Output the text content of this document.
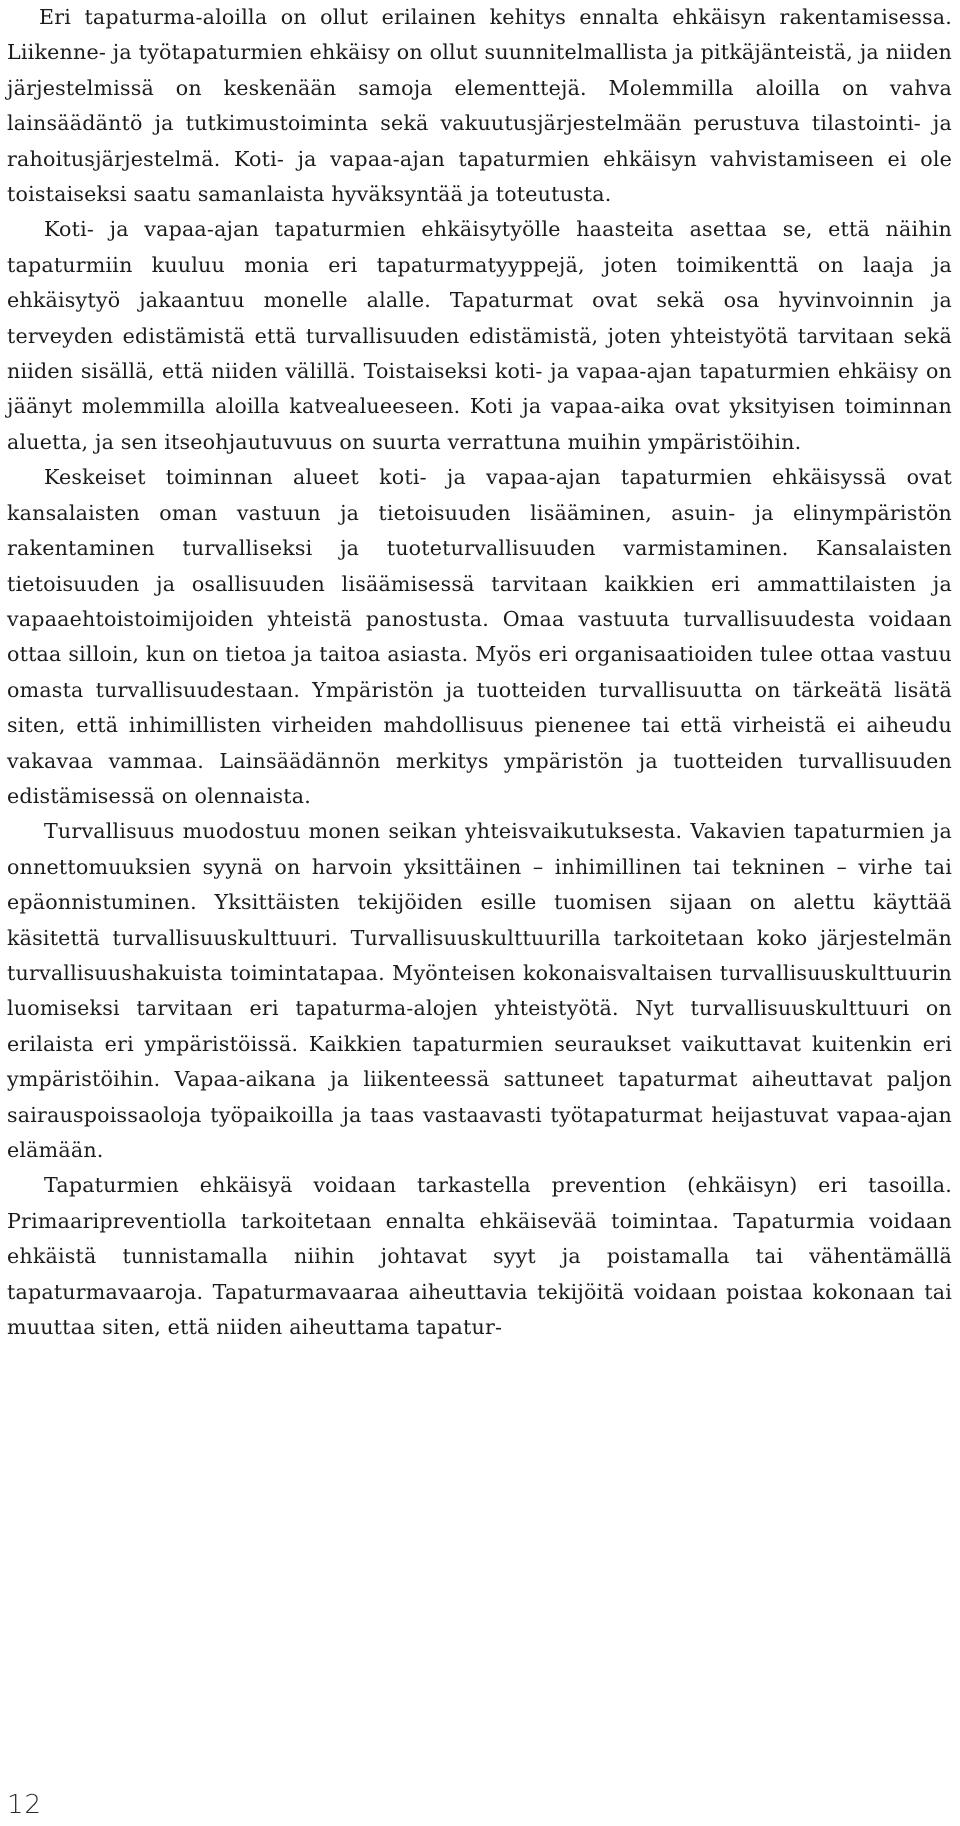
Eri tapaturma-aloilla on ollut erilainen kehitys ennalta ehkäisyn rakentamisessa. Liikenne- ja työtapaturmien ehkäisy on ollut suunnitelmallista ja pitkäjänteistä, ja niiden järjestelmissä on keskenään samoja elementtejä. Molemmilla aloilla on vahva lainsäädäntö ja tutkimustoiminta sekä vakuutusjärjestelmään perustuva tilastointi- ja rahoitusjärjestelmä. Koti- ja vapaa-ajan tapaturmien ehkäisyn vahvistamiseen ei ole toistaiseksi saatu samanlaista hyväksyntää ja toteutusta.

Koti- ja vapaa-ajan tapaturmien ehkäisytyölle haasteita asettaa se, että näihin tapaturmiin kuuluu monia eri tapaturmatyyppejä, joten toimikenttä on laaja ja ehkäisytyö jakaantuu monelle alalle. Tapaturmat ovat sekä osa hyvinvoinnin ja terveyden edistämistä että turvallisuuden edistämistä, joten yhteistyötä tarvitaan sekä niiden sisällä, että niiden välillä. Toistaiseksi koti- ja vapaa-ajan tapaturmien ehkäisy on jäänyt molemmilla aloilla katvealueeseen. Koti ja vapaa-aika ovat yksityisen toiminnan aluetta, ja sen itseohjautuvuus on suurta verrattuna muihin ympäristöihin.

Keskeiset toiminnan alueet koti- ja vapaa-ajan tapaturmien ehkäisyssä ovat kansalaisten oman vastuun ja tietoisuuden lisääminen, asuin- ja elinympäristön rakentaminen turvalliseksi ja tuoteturvallisuuden varmistaminen. Kansalaisten tietoisuuden ja osallisuuden lisäämisessä tarvitaan kaikkien eri ammattilaisten ja vapaaehtoistoimijoiden yhteistä panostusta. Omaa vastuuta turvallisuudesta voidaan ottaa silloin, kun on tietoa ja taitoa asiasta. Myös eri organisaatioiden tulee ottaa vastuu omasta turvallisuudestaan. Ympäristön ja tuotteiden turvallisuutta on tärkeätä lisätä siten, että inhimillisten virheiden mahdollisuus pienenee tai että virheistä ei aiheudu vakavaa vammaa. Lainsäädännön merkitys ympäristön ja tuotteiden turvallisuuden edistämisessä on olennaista.

Turvallisuus muodostuu monen seikan yhteisvaikutuksesta. Vakavien tapaturmien ja onnettomuuksien syynä on harvoin yksittäinen – inhimillinen tai tekninen – virhe tai epäonnistuminen. Yksittäisten tekijöiden esille tuomisen sijaan on alettu käyttää käsitettä turvallisuuskulttuuri. Turvallisuuskulttuurilla tarkoitetaan koko järjestelmän turvallisuushakuista toimintatapaa. Myönteisen kokonaisvaltaisen turvallisuuskulttuurin luomiseksi tarvitaan eri tapaturma-alojen yhteistyötä. Nyt turvallisuuskulttuuri on erilaista eri ympäristöissä. Kaikkien tapaturmien seuraukset vaikuttavat kuitenkin eri ympäristöihin. Vapaa-aikana ja liikenteessä sattuneet tapaturmat aiheuttavat paljon sairauspoissaoloja työpaikoilla ja taas vastaavasti työtapaturmat heijastuvat vapaa-ajan elämään.

Tapaturmien ehkäisyä voidaan tarkastella prevention (ehkäisyn) eri tasoilla. Primaaripreventiolla tarkoitetaan ennalta ehkäisevää toimintaa. Tapaturmia voidaan ehkäistä tunnistamalla niihin johtavat syyt ja poistamalla tai vähentämällä tapaturmavaaroja. Tapaturmavaaraa aiheuttavia tekijöitä voidaan poistaa kokonaan tai muuttaa siten, että niiden aiheuttama tapatur-

12
